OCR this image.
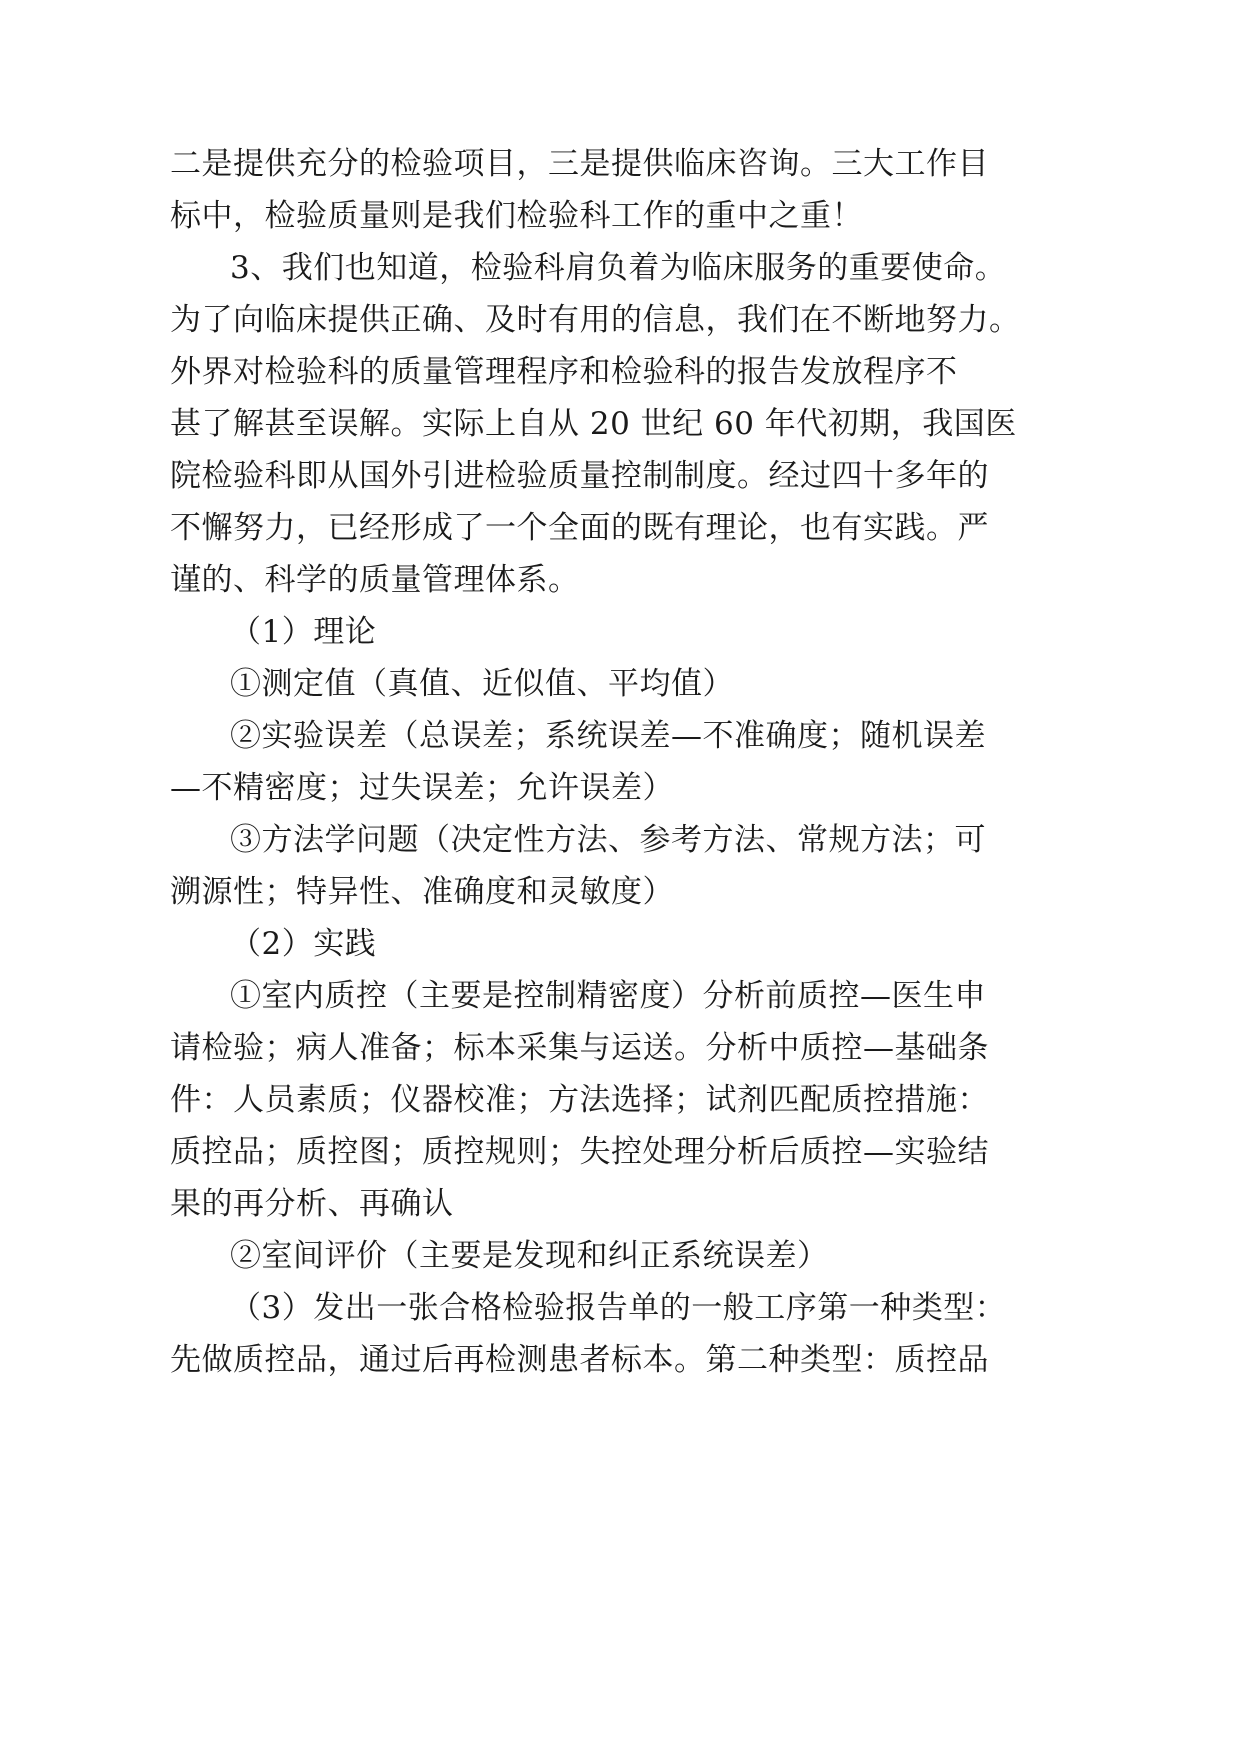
二是提供充分的检验项目，三是提供临床咨询。三大工作目
标中，检验质量则是我们检验科工作的重中之重！
3、我们也知道，检验科肩负着为临床服务的重要使命。
为了向临床提供正确、及时有用的信息，我们在不断地努力。
外界对检验科的质量管理程序和检验科的报告发放程序不
甚了解甚至误解。实际上自从 20 世纪 60 年代初期，我国医
院检验科即从国外引进检验质量控制制度。经过四十多年的
不懈努力，已经形成了一个全面的既有理论，也有实践。严
谨的、科学的质量管理体系。
（1）理论
①测定值（真值、近似值、平均值）
②实验误差（总误差；系统误差—不准确度；随机误差
—不精密度；过失误差；允许误差）
③方法学问题（决定性方法、参考方法、常规方法；可
溯源性；特异性、准确度和灵敏度）
（2）实践
①室内质控（主要是控制精密度）分析前质控—医生申
请检验；病人准备；标本采集与运送。分析中质控—基础条
件：人员素质；仪器校准；方法选择；试剂匹配质控措施：
质控品；质控图；质控规则；失控处理分析后质控—实验结
果的再分析、再确认
②室间评价（主要是发现和纠正系统误差）
（3）发出一张合格检验报告单的一般工序第一种类型：
先做质控品，通过后再检测患者标本。第二种类型：质控品
